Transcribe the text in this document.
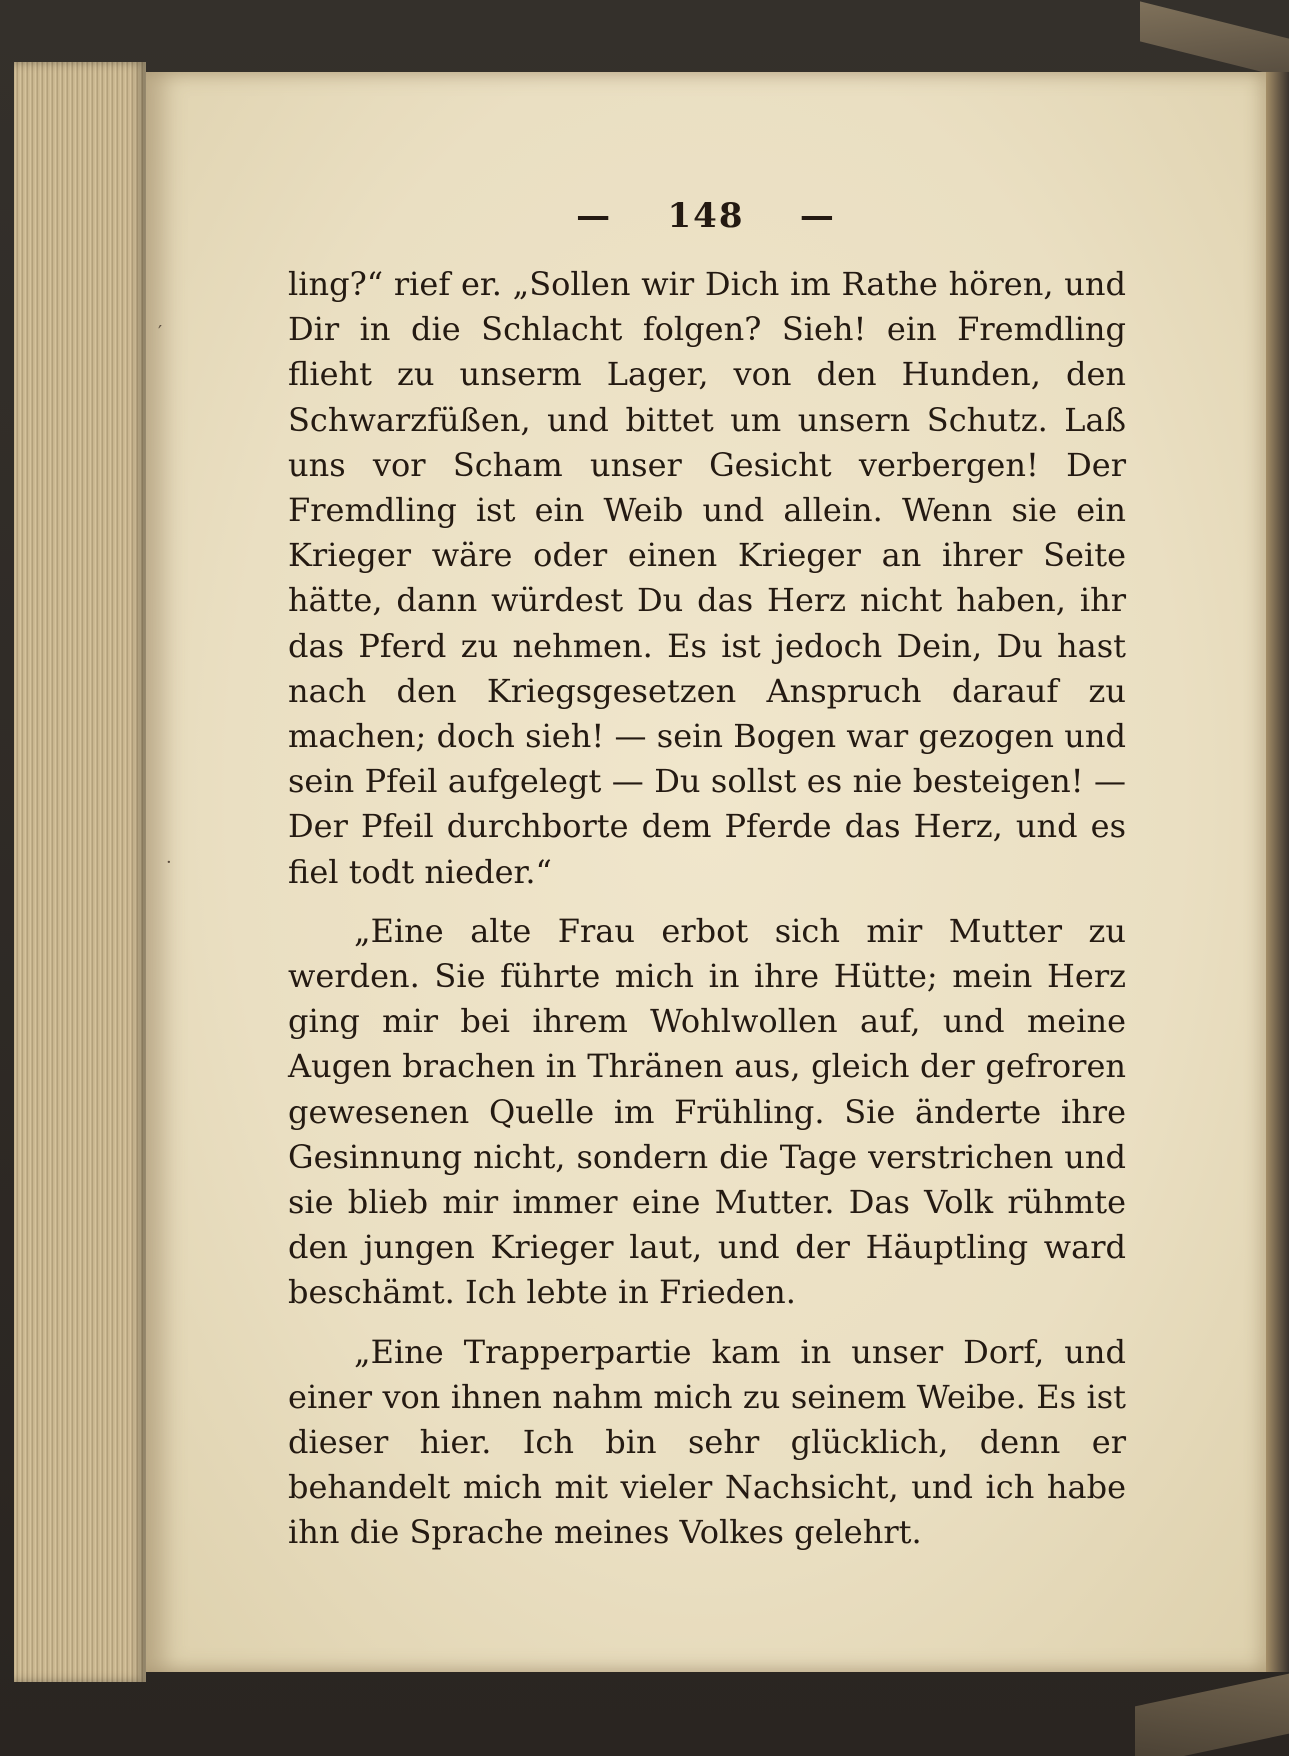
— 148 —
′
·

ling?“ rief er. „Sollen wir Dich im Rathe hören, und Dir in die Schlacht folgen? Sieh! ein Fremdling flieht zu unserm Lager, von den Hunden, den Schwarzfüßen, und bittet um unsern Schutz. Laß uns vor Scham unser Gesicht verbergen! Der Fremdling ist ein Weib und allein. Wenn sie ein Krieger wäre oder einen Krieger an ihrer Seite hätte, dann würdest Du das Herz nicht haben, ihr das Pferd zu nehmen. Es ist jedoch Dein, Du hast nach den Kriegsgesetzen Anspruch darauf zu machen; doch sieh! — sein Bogen war gezogen und sein Pfeil aufgelegt — Du sollst es nie besteigen! — Der Pfeil durchborte dem Pferde das Herz, und es fiel todt nieder.“

„Eine alte Frau erbot sich mir Mutter zu werden. Sie führte mich in ihre Hütte; mein Herz ging mir bei ihrem Wohlwollen auf, und meine Augen brachen in Thränen aus, gleich der gefroren gewesenen Quelle im Frühling. Sie änderte ihre Gesinnung nicht, sondern die Tage verstrichen und sie blieb mir immer eine Mutter. Das Volk rühmte den jungen Krieger laut, und der Häuptling ward beschämt. Ich lebte in Frieden.

„Eine Trapperpartie kam in unser Dorf, und einer von ihnen nahm mich zu seinem Weibe. Es ist dieser hier. Ich bin sehr glücklich, denn er behandelt mich mit vieler Nachsicht, und ich habe ihn die Sprache meines Volkes gelehrt.
